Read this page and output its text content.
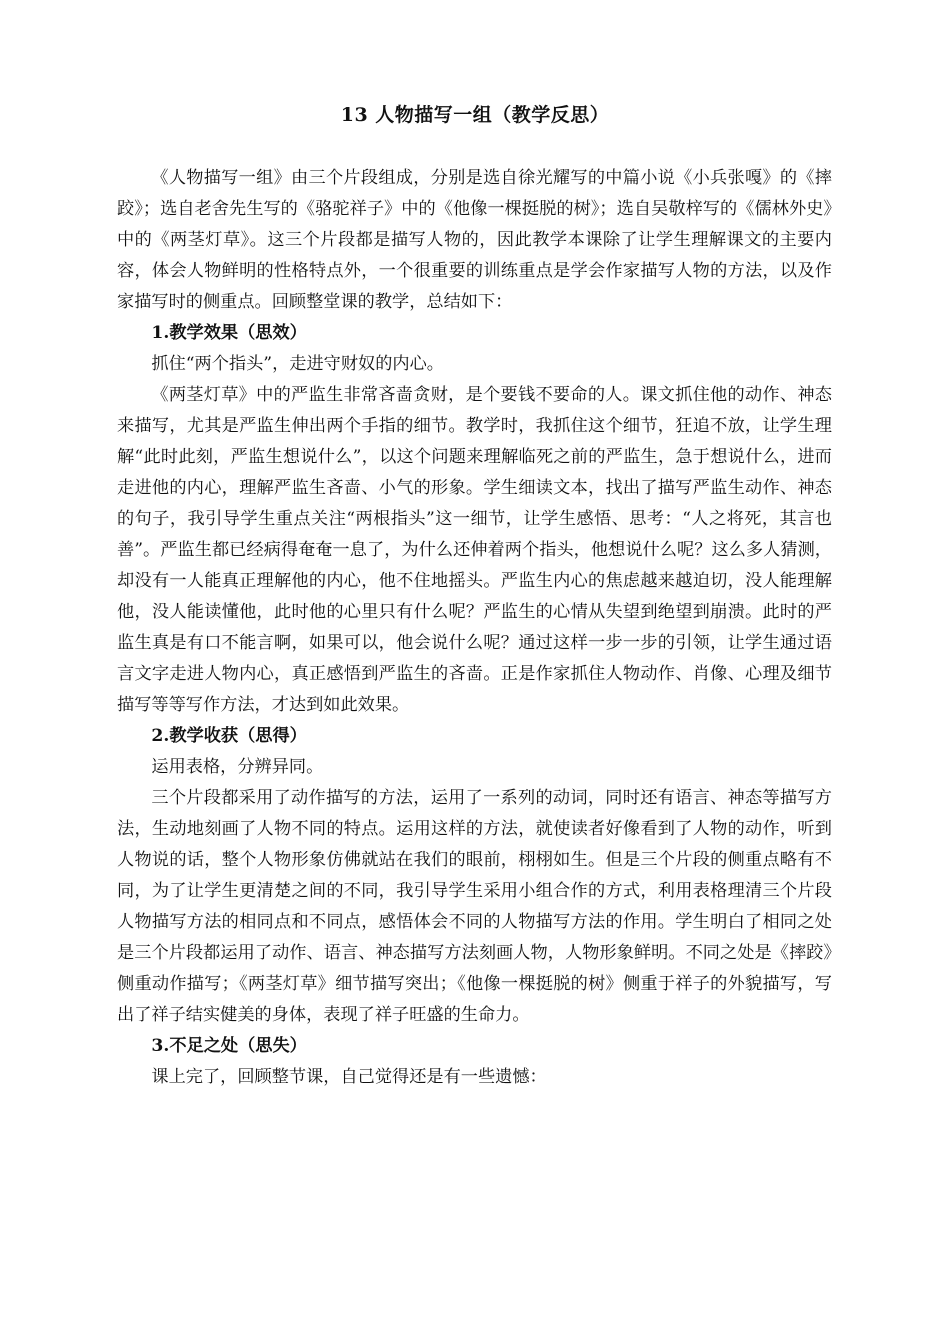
13 人物描写一组（教学反思）

《人物描写一组》由三个片段组成，分别是选自徐光耀写的中篇小说《小兵张嘎》的《摔跤》；选自老舍先生写的《骆驼祥子》中的《他像一棵挺脱的树》；选自吴敬梓写的《儒林外史》中的《两茎灯草》。这三个片段都是描写人物的，因此教学本课除了让学生理解课文的主要内容，体会人物鲜明的性格特点外，一个很重要的训练重点是学会作家描写人物的方法，以及作家描写时的侧重点。回顾整堂课的教学，总结如下：

1.教学效果（思效）

抓住“两个指头”，走进守财奴的内心。

《两茎灯草》中的严监生非常吝啬贪财，是个要钱不要命的人。课文抓住他的动作、神态来描写，尤其是严监生伸出两个手指的细节。教学时，我抓住这个细节，狂追不放，让学生理解“此时此刻，严监生想说什么”，以这个问题来理解临死之前的严监生，急于想说什么，进而走进他的内心，理解严监生吝啬、小气的形象。学生细读文本，找出了描写严监生动作、神态的句子，我引导学生重点关注“两根指头”这一细节，让学生感悟、思考：“人之将死，其言也善”。严监生都已经病得奄奄一息了，为什么还伸着两个指头，他想说什么呢？这么多人猜测，却没有一人能真正理解他的内心，他不住地摇头。严监生内心的焦虑越来越迫切，没人能理解他，没人能读懂他，此时他的心里只有什么呢？严监生的心情从失望到绝望到崩溃。此时的严监生真是有口不能言啊，如果可以，他会说什么呢？通过这样一步一步的引领，让学生通过语言文字走进人物内心，真正感悟到严监生的吝啬。正是作家抓住人物动作、肖像、心理及细节描写等等写作方法，才达到如此效果。

2.教学收获（思得）

运用表格，分辨异同。

三个片段都采用了动作描写的方法，运用了一系列的动词，同时还有语言、神态等描写方法，生动地刻画了人物不同的特点。运用这样的方法，就使读者好像看到了人物的动作，听到人物说的话，整个人物形象仿佛就站在我们的眼前，栩栩如生。但是三个片段的侧重点略有不同，为了让学生更清楚之间的不同，我引导学生采用小组合作的方式，利用表格理清三个片段人物描写方法的相同点和不同点，感悟体会不同的人物描写方法的作用。学生明白了相同之处是三个片段都运用了动作、语言、神态描写方法刻画人物，人物形象鲜明。不同之处是《摔跤》侧重动作描写；《两茎灯草》细节描写突出；《他像一棵挺脱的树》侧重于祥子的外貌描写，写出了祥子结实健美的身体，表现了祥子旺盛的生命力。

3.不足之处（思失）

课上完了，回顾整节课，自己觉得还是有一些遗憾：
